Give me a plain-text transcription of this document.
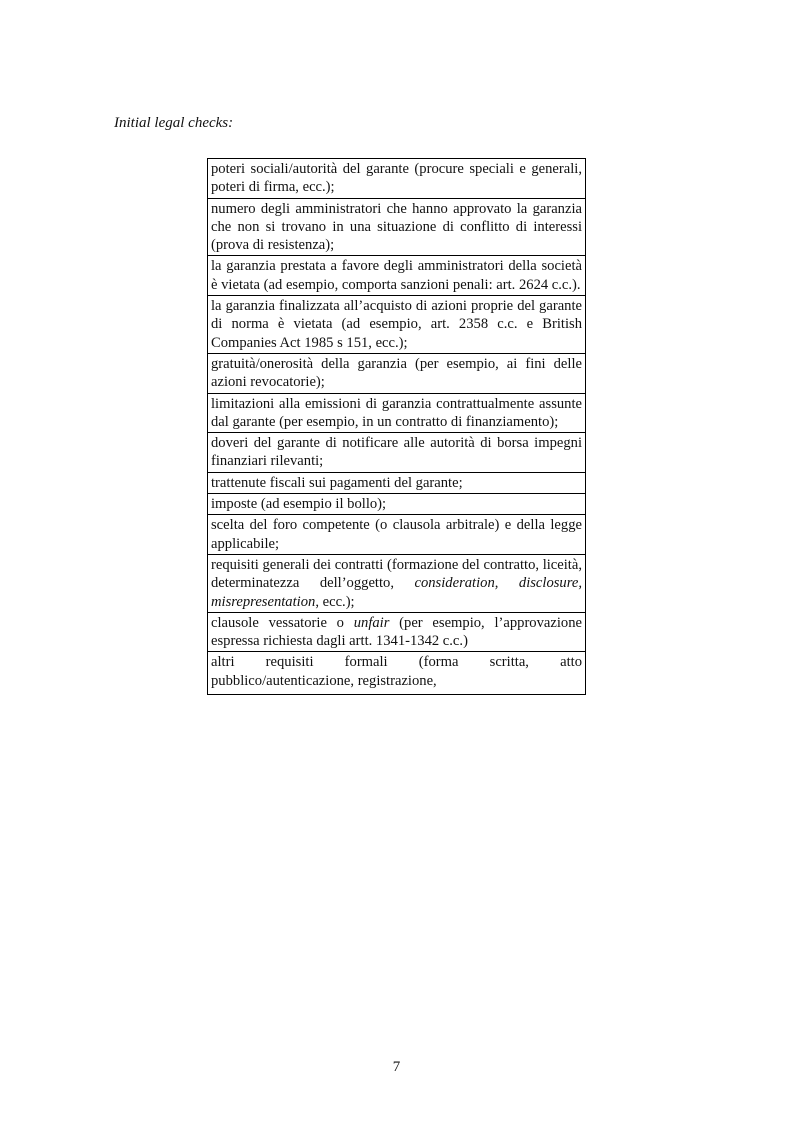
Initial legal checks:

poteri sociali/autorità del garante (procure speciali e generali, poteri di firma, ecc.);
numero degli amministratori che hanno approvato la garanzia che non si trovano in una situazione di conflitto di interessi (prova di resistenza);
la garanzia prestata a favore degli amministratori della società è vietata (ad esempio, comporta sanzioni penali: art. 2624 c.c.).
la garanzia finalizzata all’acquisto di azioni proprie del garante di norma è vietata (ad esempio, art. 2358 c.c. e British Companies Act 1985 s 151, ecc.);
gratuità/onerosità della garanzia (per esempio, ai fini delle azioni revocatorie);
limitazioni alla emissioni di garanzia contrattualmente assunte dal garante (per esempio, in un contratto di finanziamento);
doveri del garante di notificare alle autorità di borsa impegni finanziari rilevanti;
trattenute fiscali sui pagamenti del garante;
imposte (ad esempio il bollo);
scelta del foro competente (o clausola arbitrale) e della legge applicabile;
requisiti generali dei contratti (formazione del contratto, liceità, determinatezza dell’oggetto, consideration, disclosure, misrepresentation, ecc.);
clausole vessatorie o unfair (per esempio, l’approvazione espressa richiesta dagli artt. 1341-1342 c.c.)

altri requisiti formali (forma scritta, atto
pubblico/autenticazione, registrazione,
7
